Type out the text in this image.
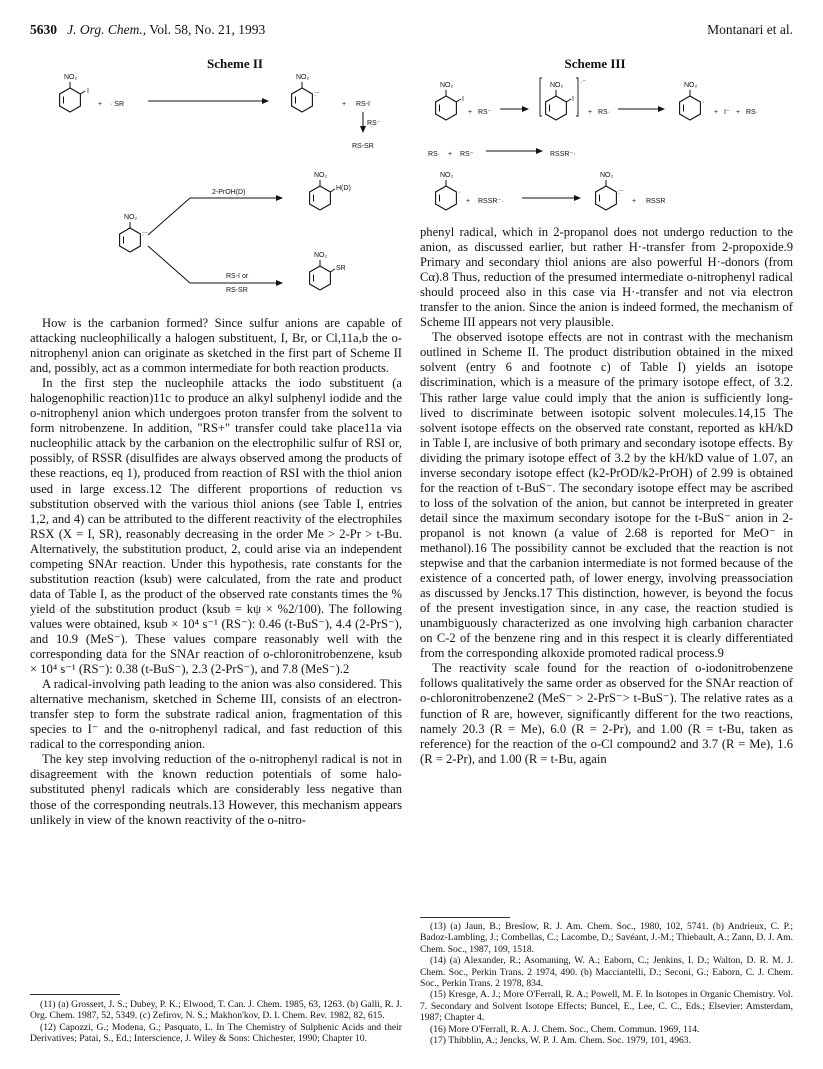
5630 J. Org. Chem., Vol. 58, No. 21, 1993	Montanari et al.
Scheme II
NO₂
I
+ · SR
NO₂
:⁻
+ RS-I
RS⁻
RS-SR
NO₂
:⁻
2-PrOH(D)
RS-I or
RS-SR
NO₂
H(D)
NO₂
SR
Scheme III
NO₂
I
+ RS⁻
NO₂
I
·⁻
+ RS·
NO₂
·
+ I⁻ + RS·
RS· + RS⁻	RSSR⁻·
NO₂
·
+ RSSR⁻·
NO₂
:⁻
+ RSSR

How is the carbanion formed? Since sulfur anions are capable of attacking nucleophilically a halogen substituent, I, Br, or Cl,11a,b the o-nitrophenyl anion can originate as sketched in the first part of Scheme II and, possibly, act as a common intermediate for both reaction products.

In the first step the nucleophile attacks the iodo substituent (a halogenophilic reaction)11c to produce an alkyl sulphenyl iodide and the o-nitrophenyl anion which undergoes proton transfer from the solvent to form nitrobenzene. In addition, "RS+" transfer could take place11a via nucleophilic attack by the carbanion on the electrophilic sulfur of RSI or, possibly, of RSSR (disulfides are always observed among the products of these reactions, eq 1), produced from reaction of RSI with the thiol anion used in large excess.12 The different proportions of reduction vs substitution observed with the various thiol anions (see Table I, entries 1,2, and 4) can be attributed to the different reactivity of the electrophiles RSX (X = I, SR), reasonably decreasing in the order Me > 2-Pr > t-Bu. Alternatively, the substitution product, 2, could arise via an independent competing SNAr reaction. Under this hypothesis, rate constants for the substitution reaction (ksub) were calculated, from the rate and product data of Table I, as the product of the observed rate constants times the % yield of the substitution product (ksub = kψ × %2/100). The following values were obtained, ksub × 10⁴ s⁻¹ (RS⁻): 0.46 (t-BuS⁻), 4.4 (2-PrS⁻), and 10.9 (MeS⁻). These values compare reasonably well with the corresponding data for the SNAr reaction of o-chloronitrobenzene, ksub × 10⁴ s⁻¹ (RS⁻): 0.38 (t-BuS⁻), 2.3 (2-PrS⁻), and 7.8 (MeS⁻).2

A radical-involving path leading to the anion was also considered. This alternative mechanism, sketched in Scheme III, consists of an electron-transfer step to form the substrate radical anion, fragmentation of this species to I⁻ and the o-nitrophenyl radical, and fast reduction of this radical to the corresponding anion.

The key step involving reduction of the o-nitrophenyl radical is not in disagreement with the known reduction potentials of some halo-substituted phenyl radicals which are considerably less negative than those of the corresponding neutrals.13 However, this mechanism appears unlikely in view of the known reactivity of the o-nitro-

(11) (a) Grossert, J. S.; Dubey, P. K.; Elwood, T. Can. J. Chem. 1985, 63, 1263. (b) Galli, R. J. Org. Chem. 1987, 52, 5349. (c) Zefirov, N. S.; Makhon'kov, D. I. Chem. Rev. 1982, 82, 615.

(12) Capozzi, G.; Modena, G.; Pasquato, L. In The Chemistry of Sulphenic Acids and their Derivatives; Patai, S., Ed.; Interscience, J. Wiley & Sons: Chichester, 1990; Chapter 10.

phenyl radical, which in 2-propanol does not undergo reduction to the anion, as discussed earlier, but rather H·-transfer from 2-propoxide.9 Primary and secondary thiol anions are also powerful H·-donors (from Cα).8 Thus, reduction of the presumed intermediate o-nitrophenyl radical should proceed also in this case via H·-transfer and not via electron transfer to the anion. Since the anion is indeed formed, the mechanism of Scheme III appears not very plausible.

The observed isotope effects are not in contrast with the mechanism outlined in Scheme II. The product distribution obtained in the mixed solvent (entry 6 and footnote c) of Table I) yields an isotope discrimination, which is a measure of the primary isotope effect, of 3.2. This rather large value could imply that the anion is sufficiently long-lived to discriminate between isotopic solvent molecules.14,15 The solvent isotope effects on the observed rate constant, reported as kH/kD in Table I, are inclusive of both primary and secondary isotope effects. By dividing the primary isotope effect of 3.2 by the kH/kD value of 1.07, an inverse secondary isotope effect (k2-PrOD/k2-PrOH) of 2.99 is obtained for the reaction of t-BuS⁻. The secondary isotope effect may be ascribed to loss of the solvation of the anion, but cannot be interpreted in greater detail since the maximum secondary isotope for the t-BuS⁻ anion in 2-propanol is not known (a value of 2.68 is reported for MeO⁻ in methanol).16 The possibility cannot be excluded that the reaction is not stepwise and that the carbanion intermediate is not formed because of the existence of a concerted path, of lower energy, involving preassociation as discussed by Jencks.17 This distinction, however, is beyond the focus of the present investigation since, in any case, the reaction studied is unambiguously characterized as one involving high carbanion character on C-2 of the benzene ring and in this respect it is clearly differentiated from the corresponding alkoxide promoted radical process.9

The reactivity scale found for the reaction of o-iodonitrobenzene follows qualitatively the same order as observed for the SNAr reaction of o-chloronitrobenzene2 (MeS⁻ > 2-PrS⁻> t-BuS⁻). The relative rates as a function of R are, however, significantly different for the two reactions, namely 20.3 (R = Me), 6.0 (R = 2-Pr), and 1.00 (R = t-Bu, taken as reference) for the reaction of the o-Cl compound2 and 3.7 (R = Me), 1.6 (R = 2-Pr), and 1.00 (R = t-Bu, again

(13) (a) Jaun, B.; Breslow, R. J. Am. Chem. Soc., 1980, 102, 5741. (b) Andrieux, C. P.; Badoz-Lambling, J.; Combellas, C.; Lacombe, D.; Savéant, J.-M.; Thiebault, A.; Zann, D. J. Am. Chem. Soc., 1987, 109, 1518.

(14) (a) Alexander, R.; Asomaning, W. A.; Eaborn, C.; Jenkins, I. D.; Walton, D. R. M. J. Chem. Soc., Perkin Trans. 2 1974, 490. (b) Macciantelli, D.; Seconi, G.; Eaborn, C. J. Chem. Soc., Perkin Trans. 2 1978, 834.

(15) Kresge, A. J.; More O'Ferrall, R. A.; Powell, M. F. In Isotopes in Organic Chemistry. Vol. 7. Secondary and Solvent Isotope Effects; Buncel, E., Lee, C. C., Eds.; Elsevier: Amsterdam, 1987; Chapter 4.

(16) More O'Ferrall, R. A. J. Chem. Soc., Chem. Commun. 1969, 114.

(17) Thibblin, A.; Jencks, W. P. J. Am. Chem. Soc. 1979, 101, 4963.
